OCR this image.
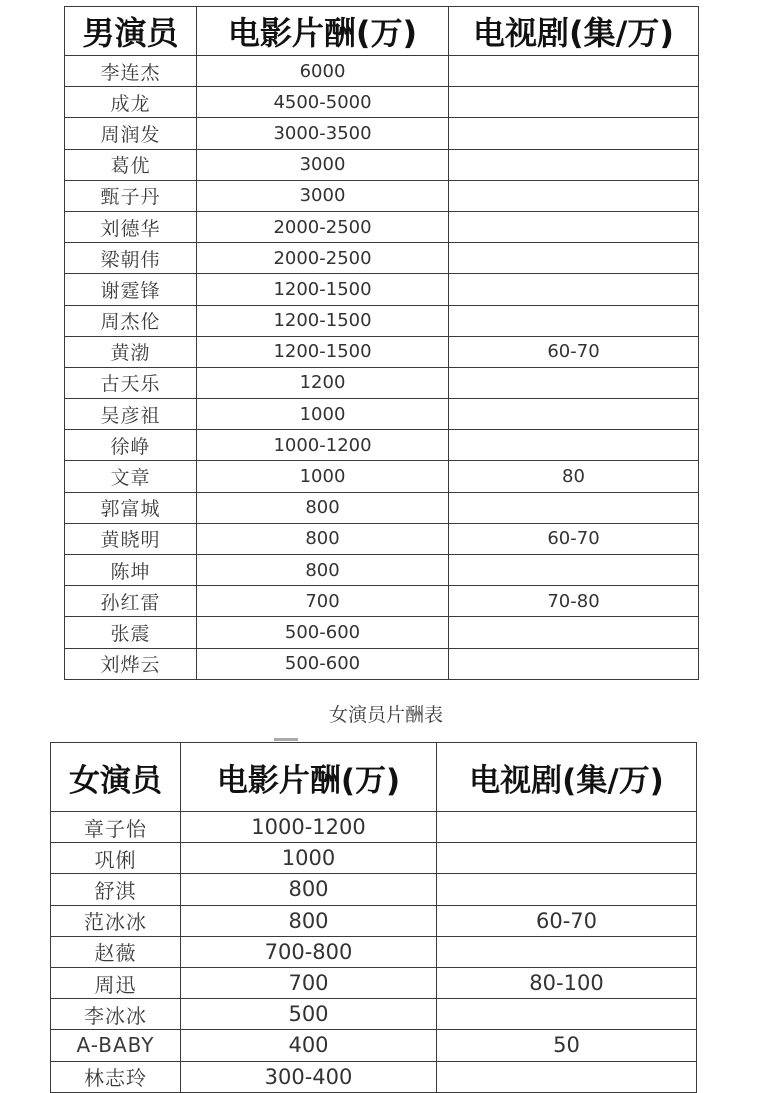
男演员	电影片酬(万)	电视剧(集/万)
李连杰	6000	
成龙	4500-5000	
周润发	3000-3500	
葛优	3000	
甄子丹	3000	
刘德华	2000-2500	
梁朝伟	2000-2500	
谢霆锋	1200-1500	
周杰伦	1200-1500	
黄渤	1200-1500	60-70
古天乐	1200	
吴彦祖	1000	
徐峥	1000-1200	
文章	1000	80
郭富城	800	
黄晓明	800	60-70
陈坤	800	
孙红雷	700	70-80
张震	500-600	
刘烨云	500-600	
女演员片酬表
女演员	电影片酬(万)	电视剧(集/万)
章子怡	1000-1200	
巩俐	1000	
舒淇	800	
范冰冰	800	60-70
赵薇	700-800	
周迅	700	80-100
李冰冰	500	
A-BABY	400	50
林志玲	300-400	
